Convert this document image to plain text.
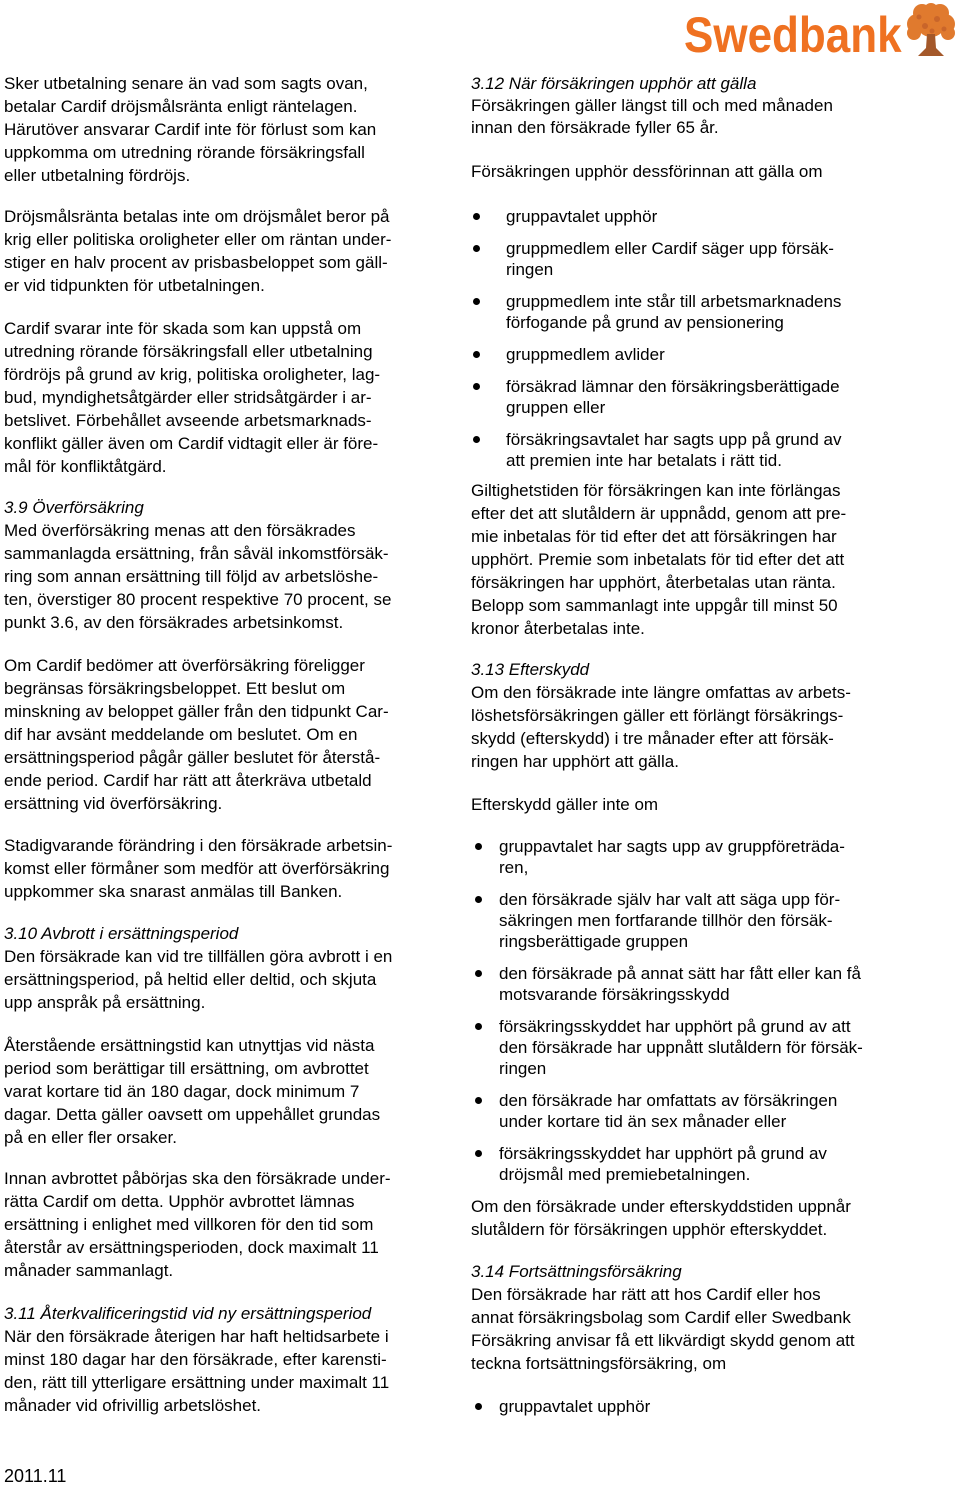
Swedbank
Sker utbetalning senare än vad som sagts ovan,
betalar Cardif dröjsmålsränta enligt räntelagen.
Härutöver ansvarar Cardif inte för förlust som kan
uppkomma om utredning rörande försäkringsfall
eller utbetalning fördröjs.
Dröjsmålsränta betalas inte om dröjsmålet beror på
krig eller politiska oroligheter eller om räntan under-
stiger en halv procent av prisbasbeloppet som gäll-
er vid tidpunkten för utbetalningen.
Cardif svarar inte för skada som kan uppstå om
utredning rörande försäkringsfall eller utbetalning
fördröjs på grund av krig, politiska oroligheter, lag-
bud, myndighetsåtgärder eller stridsåtgärder i ar-
betslivet. Förbehållet avseende arbetsmarknads-
konflikt gäller även om Cardif vidtagit eller är före-
mål för konfliktåtgärd.
3.9 Överförsäkring
Med överförsäkring menas att den försäkrades
sammanlagda ersättning, från såväl inkomstförsäk-
ring som annan ersättning till följd av arbetslöshe-
ten, överstiger 80 procent respektive 70 procent, se
punkt 3.6, av den försäkrades arbetsinkomst.
Om Cardif bedömer att överförsäkring föreligger
begränsas försäkringsbeloppet. Ett beslut om
minskning av beloppet gäller från den tidpunkt Car-
dif har avsänt meddelande om beslutet. Om en
ersättningsperiod pågår gäller beslutet för återstå-
ende period. Cardif har rätt att återkräva utbetald
ersättning vid överförsäkring.
Stadigvarande förändring i den försäkrade arbetsin-
komst eller förmåner som medför att överförsäkring
uppkommer ska snarast anmälas till Banken.
3.10 Avbrott i ersättningsperiod
Den försäkrade kan vid tre tillfällen göra avbrott i en
ersättningsperiod, på heltid eller deltid, och skjuta
upp anspråk på ersättning.
Återstående ersättningstid kan utnyttjas vid nästa
period som berättigar till ersättning, om avbrottet
varat kortare tid än 180 dagar, dock minimum 7
dagar. Detta gäller oavsett om uppehållet grundas
på en eller fler orsaker.
Innan avbrottet påbörjas ska den försäkrade under-
rätta Cardif om detta. Upphör avbrottet lämnas
ersättning i enlighet med villkoren för den tid som
återstår av ersättningsperioden, dock maximalt 11
månader sammanlagt.
3.11 Återkvalificeringstid vid ny ersättningsperiod
När den försäkrade återigen har haft heltidsarbete i
minst 180 dagar har den försäkrade, efter karensti-
den, rätt till ytterligare ersättning under maximalt 11
månader vid ofrivillig arbetslöshet.
3.12 När försäkringen upphör att gälla
Försäkringen gäller längst till och med månaden
innan den försäkrade fyller 65 år.
Försäkringen upphör dessförinnan att gälla om
gruppavtalet upphör
gruppmedlem eller Cardif säger upp försäk-
ringen
gruppmedlem inte står till arbetsmarknadens
förfogande på grund av pensionering
gruppmedlem avlider
försäkrad lämnar den försäkringsberättigade
gruppen eller
försäkringsavtalet har sagts upp på grund av
att premien inte har betalats i rätt tid.
Giltighetstiden för försäkringen kan inte förlängas
efter det att slutåldern är uppnådd, genom att pre-
mie inbetalas för tid efter det att försäkringen har
upphört. Premie som inbetalats för tid efter det att
försäkringen har upphört, återbetalas utan ränta.
Belopp som sammanlagt inte uppgår till minst 50
kronor återbetalas inte.
3.13 Efterskydd
Om den försäkrade inte längre omfattas av arbets-
löshetsförsäkringen gäller ett förlängt försäkrings-
skydd (efterskydd) i tre månader efter att försäk-
ringen har upphört att gälla.
Efterskydd gäller inte om
gruppavtalet har sagts upp av gruppföreträda-
ren,
den försäkrade själv har valt att säga upp för-
säkringen men fortfarande tillhör den försäk-
ringsberättigade gruppen
den försäkrade på annat sätt har fått eller kan få
motsvarande försäkringsskydd
försäkringsskyddet har upphört på grund av att
den försäkrade har uppnått slutåldern för försäk-
ringen
den försäkrade har omfattats av försäkringen
under kortare tid än sex månader eller
försäkringsskyddet har upphört på grund av
dröjsmål med premiebetalningen.
Om den försäkrade under efterskyddstiden uppnår
slutåldern för försäkringen upphör efterskyddet.
3.14 Fortsättningsförsäkring
Den försäkrade har rätt att hos Cardif eller hos
annat försäkringsbolag som Cardif eller Swedbank
Försäkring anvisar få ett likvärdigt skydd genom att
teckna fortsättningsförsäkring, om
gruppavtalet upphör
2011.11
